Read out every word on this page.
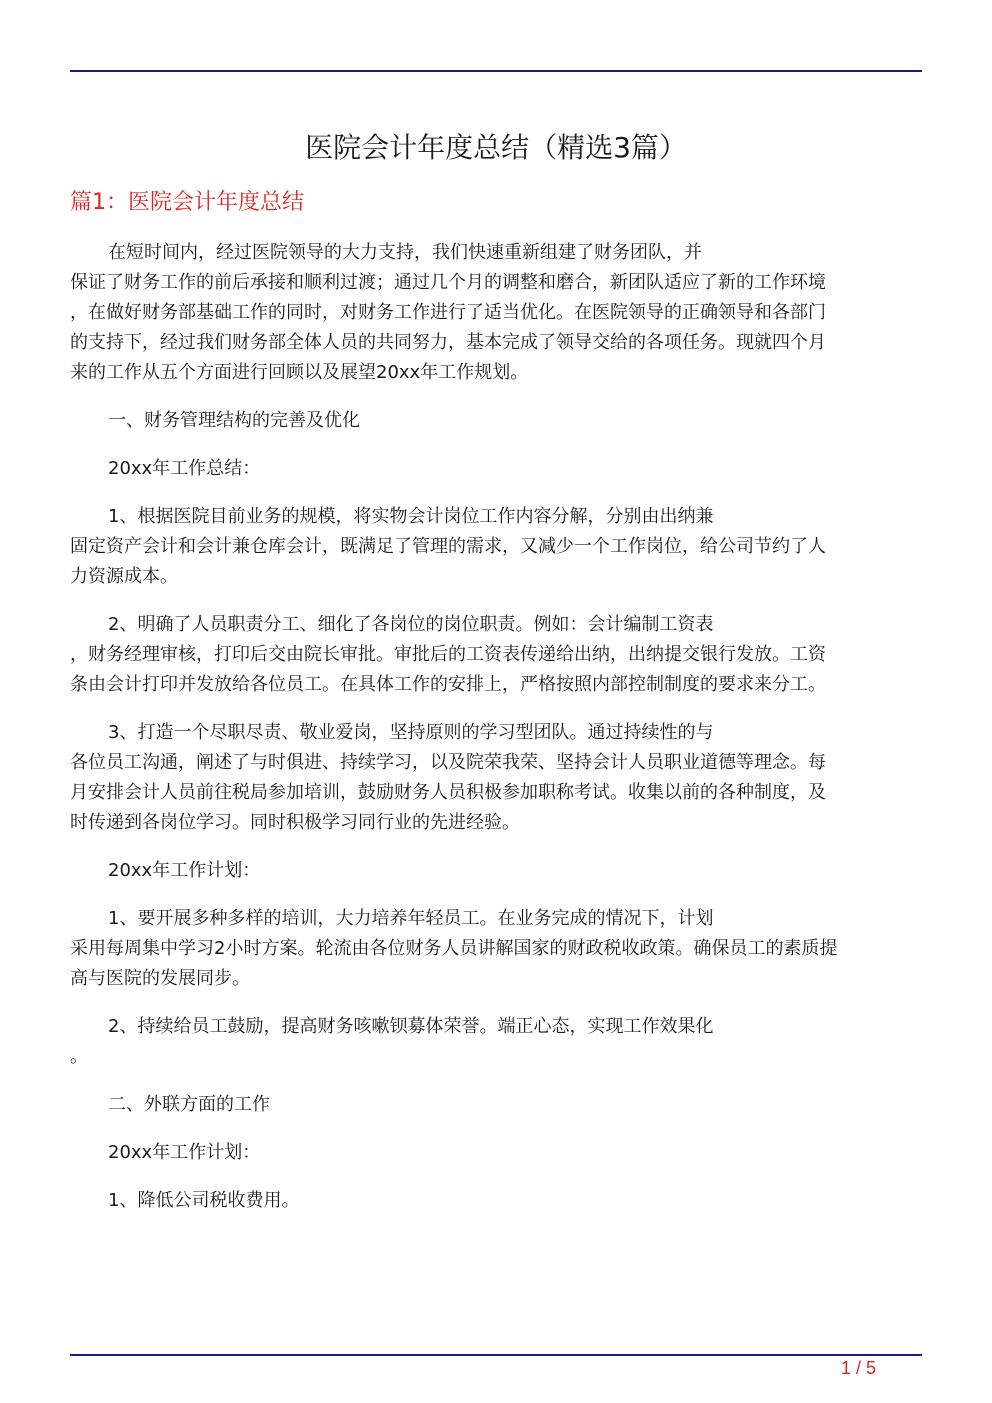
医院会计年度总结（精选3篇）
篇1：医院会计年度总结

在短时间内，经过医院领导的大力支持，我们快速重新组建了财务团队，并
保证了财务工作的前后承接和顺利过渡；通过几个月的调整和磨合，新团队适应了新的工作环境
，在做好财务部基础工作的同时，对财务工作进行了适当优化。在医院领导的正确领导和各部门
的支持下，经过我们财务部全体人员的共同努力，基本完成了领导交给的各项任务。现就四个月
来的工作从五个方面进行回顾以及展望20xx年工作规划。

一、财务管理结构的完善及优化

20xx年工作总结：

1、根据医院目前业务的规模，将实物会计岗位工作内容分解，分别由出纳兼
固定资产会计和会计兼仓库会计，既满足了管理的需求，又减少一个工作岗位，给公司节约了人
力资源成本。

2、明确了人员职责分工、细化了各岗位的岗位职责。例如：会计编制工资表
，财务经理审核，打印后交由院长审批。审批后的工资表传递给出纳，出纳提交银行发放。工资
条由会计打印并发放给各位员工。在具体工作的安排上，严格按照内部控制制度的要求来分工。

3、打造一个尽职尽责、敬业爱岗，坚持原则的学习型团队。通过持续性的与
各位员工沟通，阐述了与时俱进、持续学习，以及院荣我荣、坚持会计人员职业道德等理念。每
月安排会计人员前往税局参加培训，鼓励财务人员积极参加职称考试。收集以前的各种制度，及
时传递到各岗位学习。同时积极学习同行业的先进经验。

20xx年工作计划：

1、要开展多种多样的培训，大力培养年轻员工。在业务完成的情况下，计划
采用每周集中学习2小时方案。轮流由各位财务人员讲解国家的财政税收政策。确保员工的素质提
高与医院的发展同步。

2、持续给员工鼓励，提高财务咳嗽钡募体荣誉。端正心态，实现工作效果化
。

二、外联方面的工作

20xx年工作计划：

1、降低公司税收费用。

1 / 5
